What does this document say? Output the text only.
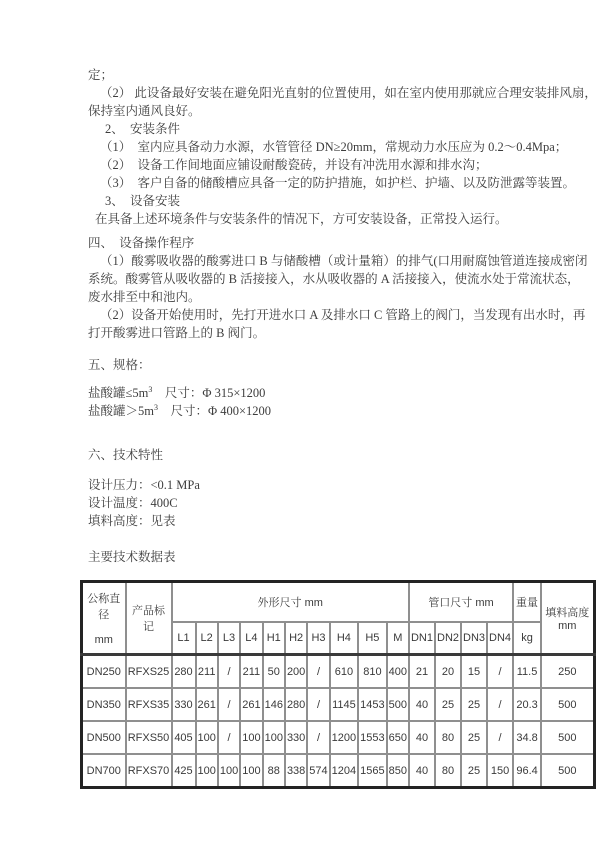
定；

（2） 此设备最好安装在避免阳光直射的位置使用，如在室内使用那就应合理安装排风扇，

保持室内通风良好。

2、　安装条件

（1）　室内应具备动力水源，水管管径 DN≥20mm，常规动力水压应为 0.2～0.4Mpa；

（2）　设备工作间地面应铺设耐酸瓷砖，并设有冲洗用水源和排水沟；

（3）　客户自备的储酸槽应具备一定的防护措施，如护栏、护墙、以及防泄露等装置。

3、　设备安装

在具备上述环境条件与安装条件的情况下，方可安装设备，正常投入运行。

四、　设备操作程序

（1）酸雾吸收器的酸雾进口 B 与储酸槽（或计量箱）的排气(口用耐腐蚀管道连接成密闭

系统。酸雾管从吸收器的 B 活接接入，水从吸收器的 A 活接接入，使流水处于常流状态，

废水排至中和池内。

（2）设备开始使用时，先打开进水口 A 及排水口 C 管路上的阀门，当发现有出水时，再

打开酸雾进口管路上的 B 阀门。

五、规格：

盐酸罐$\le 5m^3$　尺寸：Φ 315×1200

盐酸罐$>5m^3$　尺寸：Φ 400×1200

六、技术特性

设计压力：<0.1 MPa

设计温度：400C

填料高度：见表

主要技术数据表

公称直径
mm	产品标记	外形尺寸 mm										管口尺寸 mm				重量	填料高度 mm
		L1	L2	L3	L4	H1	H2	H3	H4	H5	M	DN1	DN2	DN3	DN4	kg	
DN250	RFXS25	280	211	/	211	50	200	/	610	810	400	21	20	15	/	11.5	250
DN350	RFXS35	330	261	/	261	146	280	/	1145	1453	500	40	25	25	/	20.3	500
DN500	RFXS50	405	100	/	100	100	330	/	1200	1553	650	40	80	25	/	34.8	500
DN700	RFXS70	425	100	100	100	88	338	574	1204	1565	850	40	80	25	150	96.4	500
